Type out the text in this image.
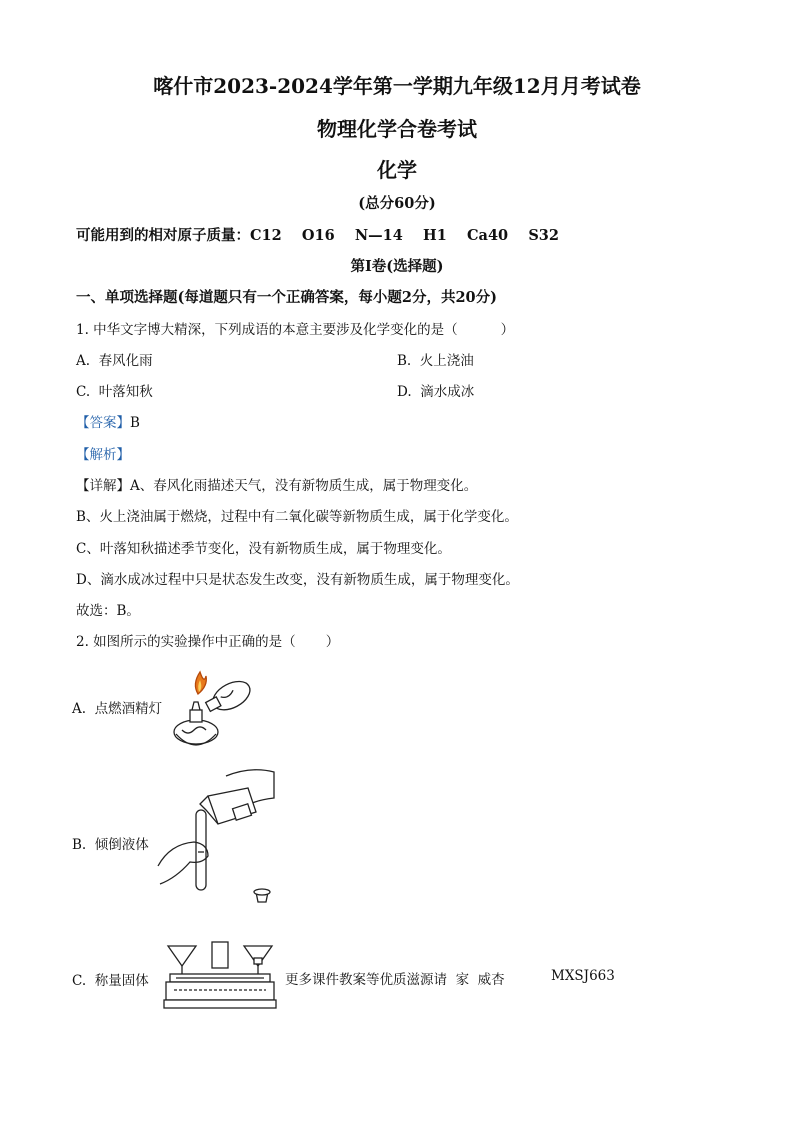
喀什市2023-2024学年第一学期九年级12月月考试卷
物理化学合卷考试
化学
(总分60分)
可能用到的相对原子质量：C12    O16    N—14    H1    Ca40    S32
第Ⅰ卷(选择题)
一、单项选择题(每道题只有一个正确答案，每小题2分，共20分)
1. 中华文字博大精深，下列成语的本意主要涉及化学变化的是（          ）
A.  春风化雨	B.  火上浇油
C.  叶落知秋	D.  滴水成冰
【答案】B
【解析】
【详解】A、春风化雨描述天气，没有新物质生成，属于物理变化。
B、火上浇油属于燃烧，过程中有二氧化碳等新物质生成，属于化学变化。
C、叶落知秋描述季节变化，没有新物质生成，属于物理变化。
D、滴水成冰过程中只是状态发生改变，没有新物质生成，属于物理变化。
故选：B。
2. 如图所示的实验操作中正确的是（       ）
A.  点燃酒精灯
B.  倾倒液体
C.  称量固体	更多课件教案等优质滋源请  家  威杏	MXSJ663
